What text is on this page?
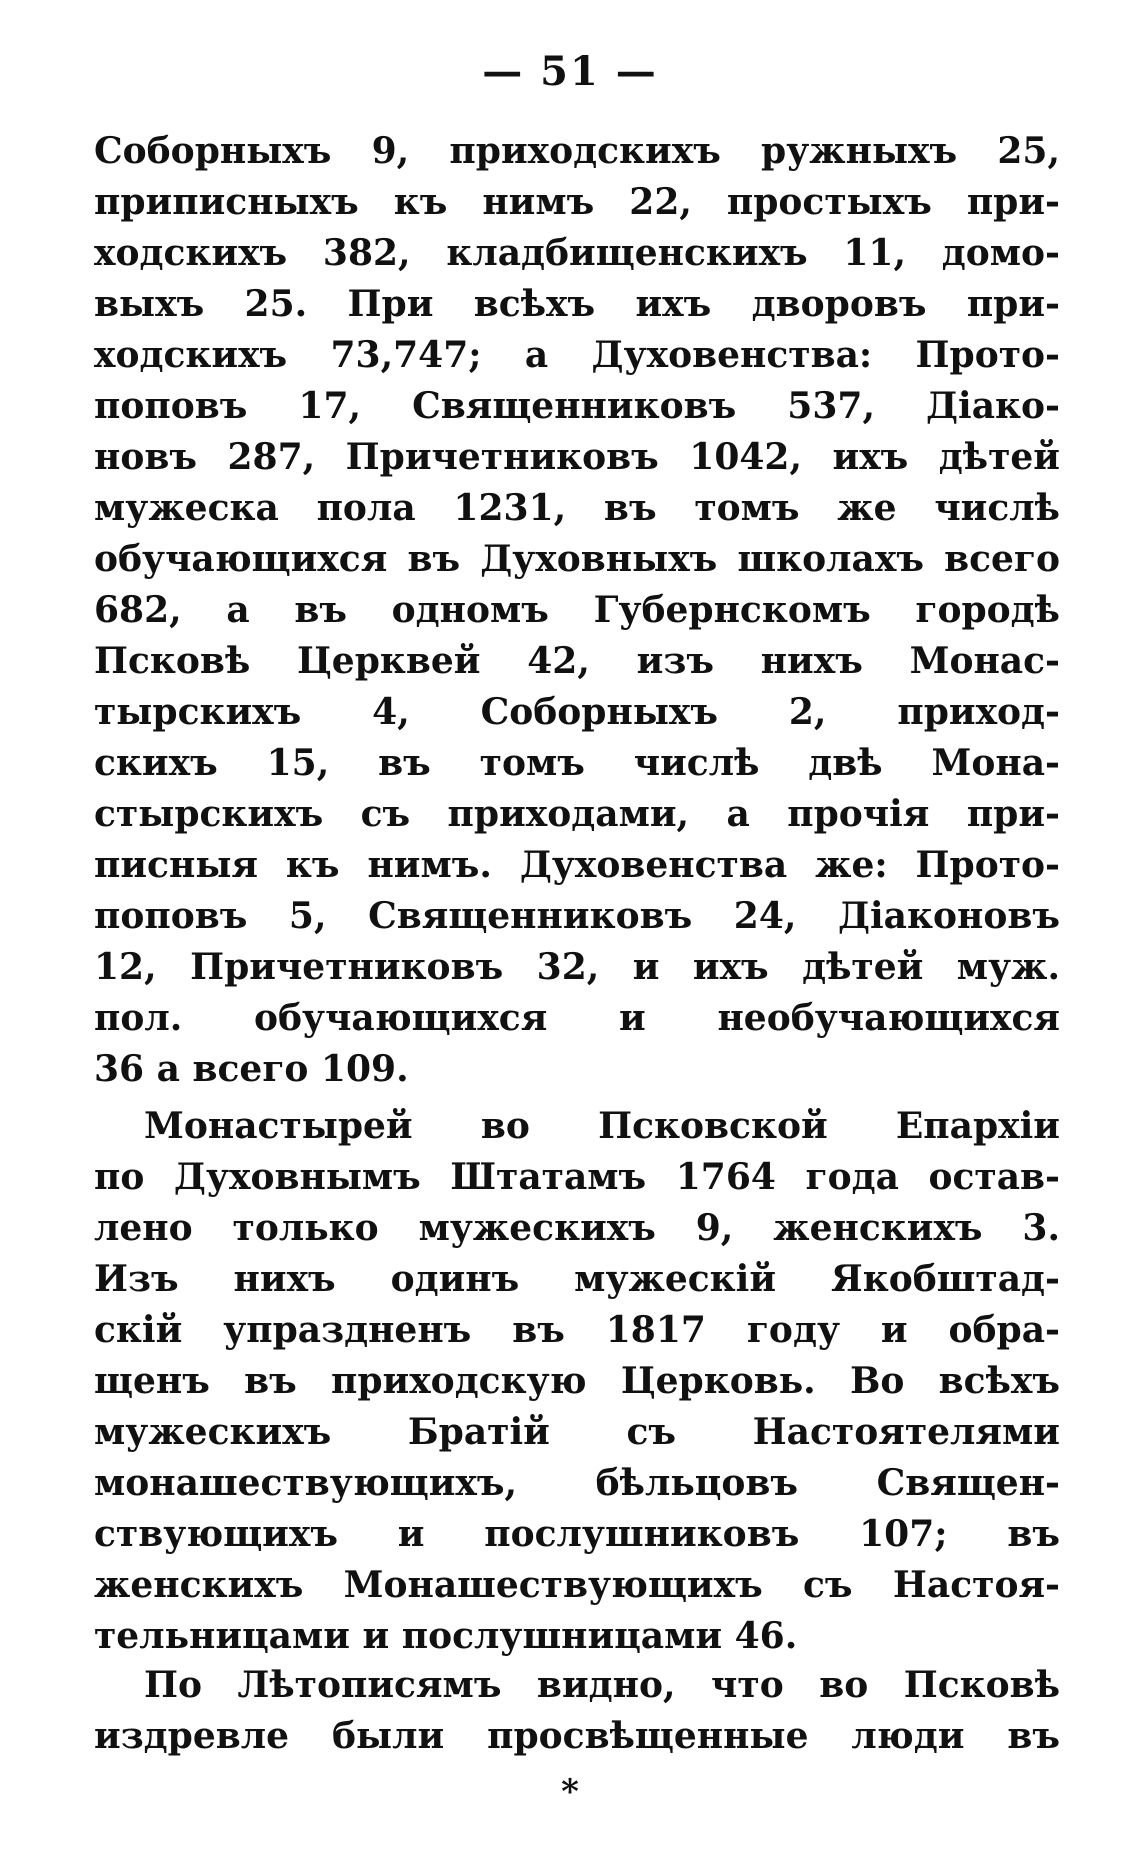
— 51 —
Соборныхъ 9, приходскихъ ружныхъ 25,
приписныхъ къ нимъ 22, простыхъ при-
ходскихъ 382, кладбищенскихъ 11, домо-
выхъ 25. При всѣхъ ихъ дворовъ при-
ходскихъ 73,747; а Духовенства: Прото-
поповъ 17, Священниковъ 537, Діако-
новъ 287, Причетниковъ 1042, ихъ дѣтей
мужеска пола 1231, въ томъ же числѣ
обучающихся въ Духовныхъ школахъ всего
682, а въ одномъ Губернскомъ городѣ
Псковѣ Церквей 42, изъ нихъ Монас-
тырскихъ 4, Соборныхъ 2, приход-
скихъ 15, въ томъ числѣ двѣ Мона-
стырскихъ съ приходами, а прочія при-
писныя къ нимъ. Духовенства же: Прото-
поповъ 5, Священниковъ 24, Діаконовъ
12, Причетниковъ 32, и ихъ дѣтей муж.
пол. обучающихся и необучающихся
36 а всего 109.
Монастырей во Псковской Епархіи
по Духовнымъ Штатамъ 1764 года остав-
лено только мужескихъ 9, женскихъ 3.
Изъ нихъ одинъ мужескій Якобштад-
скій упраздненъ въ 1817 году и обра-
щенъ въ приходскую Церковь. Во всѣхъ
мужескихъ Братій съ Настоятелями
монашествующихъ, бѣльцовъ Священ-
ствующихъ и послушниковъ 107; въ
женскихъ Монашествующихъ съ Настоя-
тельницами и послушницами 46.
По Лѣтописямъ видно, что во Псковѣ
издревле были просвѣщенные люди въ
*
